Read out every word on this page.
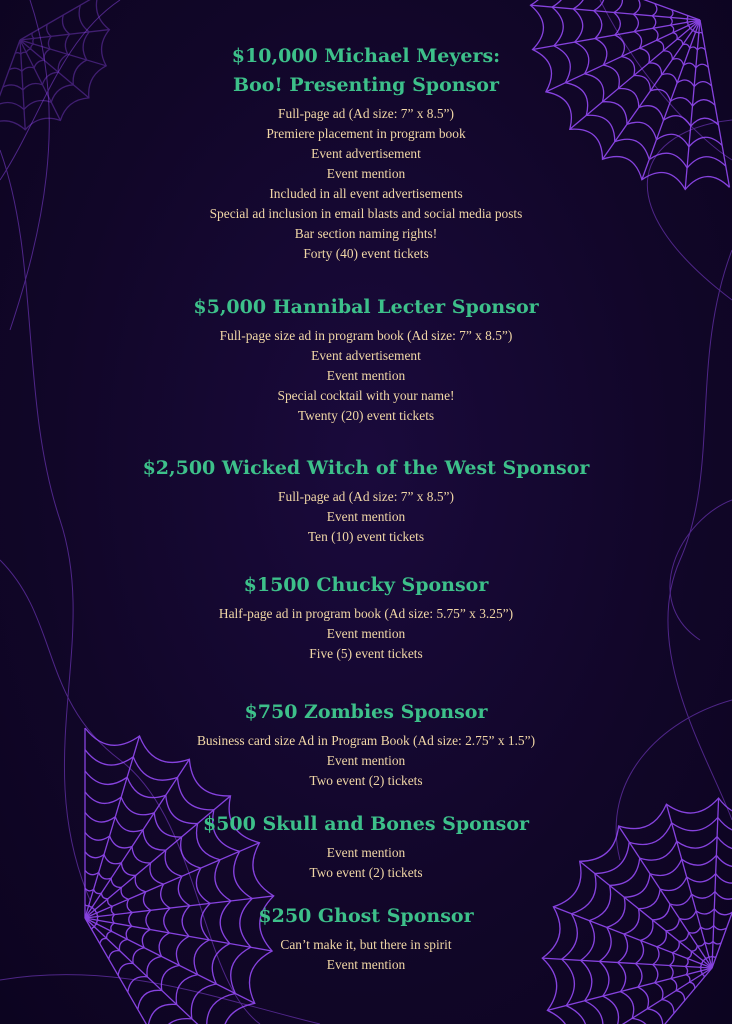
$10,000 Michael Meyers:
Boo! Presenting Sponsor

Full-page ad (Ad size: 7” x 8.5”)

Premiere placement in program book

Event advertisement

Event mention

Included in all event advertisements

Special ad inclusion in email blasts and social media posts

Bar section naming rights!

Forty (40) event tickets

$5,000 Hannibal Lecter Sponsor

Full-page size ad in program book (Ad size: 7” x 8.5”)

Event advertisement

Event mention

Special cocktail with your name!

Twenty (20) event tickets

$2,500 Wicked Witch of the West Sponsor

Full-page ad (Ad size: 7” x 8.5”)

Event mention

Ten (10) event tickets

$1500 Chucky Sponsor

Half-page ad in program book (Ad size: 5.75” x 3.25”)

Event mention

Five (5) event tickets

$750 Zombies Sponsor

Business card size Ad in Program Book (Ad size: 2.75” x 1.5”)

Event mention

Two event (2) tickets

$500 Skull and Bones Sponsor

Event mention

Two event (2) tickets

$250 Ghost Sponsor

Can’t make it, but there in spirit

Event mention
